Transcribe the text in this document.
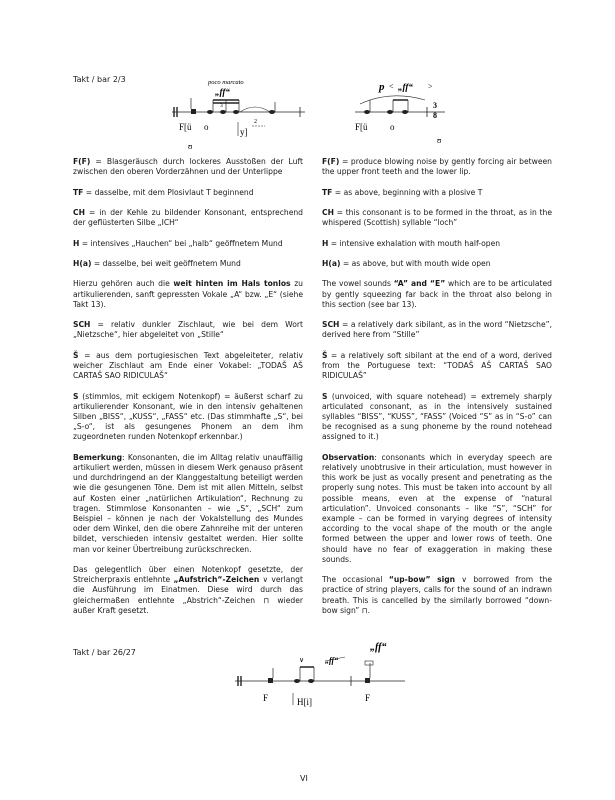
Takt / bar 2/3	poco marcato
„ff“
3
F[ü o	y]
2
ʊ
p < „ff“ >
3
8
F[ü o
ʊ

F(F) = Blasgeräusch durch lockeres Ausstoßen der Luft zwischen den oberen Vorderzähnen und der Unterlippe

TF = dasselbe, mit dem Plosivlaut T beginnend

CH = in der Kehle zu bildender Konsonant, entsprechend der geflüsterten Silbe „ICH“

H = intensives „Hauchen“ bei „halb“ geöffnetem Mund

H(a) = dasselbe, bei weit geöffnetem Mund

Hierzu gehören auch die weit hinten im Hals tonlos zu artikulierenden, sanft gepressten Vokale „A“ bzw. „E“ (siehe Takt 13).

SCH = relativ dunkler Zischlaut, wie bei dem Wort „Nietzsche“, hier abgeleitet von „Stille“

Š = aus dem portugiesischen Text abgeleiteter, relativ weicher Zischlaut am Ende einer Vokabel: „TODAŠ AŠ CARTAŠ SAO RIDICULAŠ“

S (stimmlos, mit eckigem Notenkopf) = äußerst scharf zu artikulierender Konsonant, wie in den intensiv gehaltenen Silben „BISS“, „KUSS“, „FASS“ etc. (Das stimmhafte „S“, bei „S-o“, ist als gesungenes Phonem an dem ihm zugeordneten runden Notenkopf erkennbar.)

Bemerkung: Konsonanten, die im Alltag relativ unauffällig artikuliert werden, müssen in diesem Werk genauso präsent und durchdringend an der Klanggestaltung beteiligt werden wie die gesungenen Töne. Dem ist mit allen Mitteln, selbst auf Kosten einer „natürlichen Artikulation“, Rechnung zu tragen. Stimmlose Konsonanten – wie „S“, „SCH“ zum Beispiel – können je nach der Vokalstellung des Mundes oder dem Winkel, den die obere Zahnreihe mit der unteren bildet, verschieden intensiv gestaltet werden. Hier sollte man vor keiner Übertreibung zurückschrecken.

Das gelegentlich über einen Notenkopf gesetzte, der Streicherpraxis entlehnte „Aufstrich“-Zeichen ∨ verlangt die Ausführung im Einatmen. Diese wird durch das gleichermaßen entlehnte „Abstrich“-Zeichen ⊓ wieder außer Kraft gesetzt.

F(F) = produce blowing noise by gently forcing air between the upper front teeth and the lower lip.

TF = as above, beginning with a plosive T

CH = this consonant is to be formed in the throat, as in the whispered (Scottish) syllable “loch”

H = intensive exhalation with mouth half-open

H(a) = as above, but with mouth wide open

The vowel sounds “A” and “E” which are to be articulated by gently squeezing far back in the throat also belong in this section (see bar 13).

SCH = a relatively dark sibilant, as in the word “Nietzsche”, derived here from “Stille”

Š = a relatively soft sibilant at the end of a word, derived from the Portuguese text: “TODAŠ AŠ CARTAŠ SAO RIDICULAŠ”

S (unvoiced, with square notehead) = extremely sharply articulated consonant, as in the intensively sustained syllables “BISS”, “KUSS”, “FASS” (Voiced “S” as in “S-o” can be recognised as a sung phoneme by the round notehead assigned to it.)

Observation: consonants which in everyday speech are relatively unobtrusive in their articulation, must however in this work be just as vocally present and penetrating as the properly sung notes. This must be taken into account by all possible means, even at the expense of “natural articulation”. Unvoiced consonants – like “S”, “SCH” for example – can be formed in varying degrees of intensity according to the vocal shape of the mouth or the angle formed between the upper and lower rows of teeth. One should have no fear of exaggeration in making these sounds.

The occasional “up-bow” sign ∨ borrowed from the practice of string players, calls for the sound of an indrawn breath. This is cancelled by the similarly borrowed “down-bow sign” ⊓.

Takt / bar 26/27	„ff“
„ff“
∨
F	H[i]	F
VI
